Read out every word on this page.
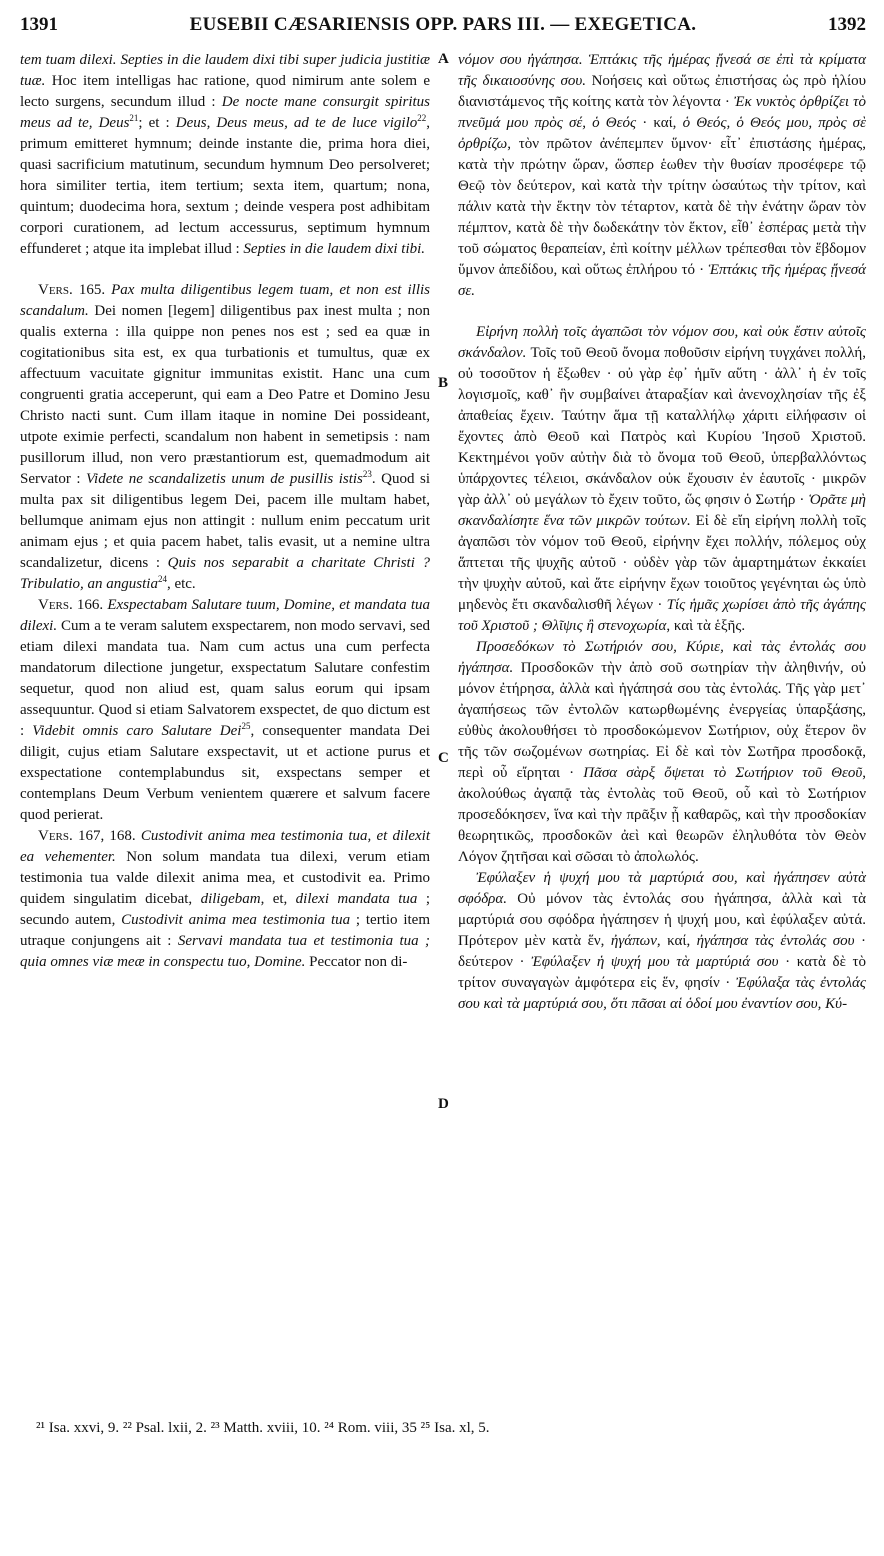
1391	EUSEBII CÆSARIENSIS OPP. PARS III. — EXEGETICA.	1392

tem tuam dilexi. Septies in die laudem dixi tibi super judicia justitiæ tuæ. Hoc item intelligas hac ratione, quod nimirum ante solem e lecto surgens, secundum illud : De nocte mane consurgit spiritus meus ad te, Deus$^{21}$; et : Deus, Deus meus, ad te de luce vigilo$^{22}$, primum emitteret hymnum; deinde instante die, prima hora diei, quasi sacrificium matutinum, secundum hymnum Deo persolveret; hora similiter tertia, item tertium; sexta item, quartum; nona, quintum; duodecima hora, sextum ; deinde vespera post adhibitam corpori curationem, ad lectum accessurus, septimum hymnum effunderet ; atque ita implebat illud : Septies in die laudem dixi tibi.

Vers. 165. Pax multa diligentibus legem tuam, et non est illis scandalum. Dei nomen [legem] diligentibus pax inest multa ; non qualis externa : illa quippe non penes nos est ; sed ea quæ in cogitationibus sita est, ex qua turbationis et tumultus, quæ ex affectuum vacuitate gignitur immunitas existit. Hanc una cum congruenti gratia acceperunt, qui eam a Deo Patre et Domino Jesu Christo nacti sunt. Cum illam itaque in nomine Dei possideant, utpote eximie perfecti, scandalum non habent in semetipsis : nam pusillorum illud, non vero præstantiorum est, quemadmodum ait Servator : Videte ne scandalizetis unum de pusillis istis$^{23}$. Quod si multa pax sit diligentibus legem Dei, pacem ille multam habet, bellumque animam ejus non attingit : nullum enim peccatum urit animam ejus ; et quia pacem habet, talis evasit, ut a nemine ultra scandalizetur, dicens : Quis nos separabit a charitate Christi ? Tribulatio, an angustia$^{24}$, etc.

Vers. 166. Exspectabam Salutare tuum, Domine, et mandata tua dilexi. Cum a te veram salutem exspectarem, non modo servavi, sed etiam dilexi mandata tua. Nam cum actus una cum perfecta mandatorum dilectione jungetur, exspectatum Salutare confestim sequetur, quod non aliud est, quam salus eorum qui ipsam assequuntur. Quod si etiam Salvatorem exspectet, de quo dictum est : Videbit omnis caro Salutare Dei$^{25}$, consequenter mandata Dei diligit, cujus etiam Salutare exspectavit, ut et actione purus et exspectatione contemplabundus sit, exspectans semper et contemplans Deum Verbum venientem quærere et salvum facere quod perierat.

Vers. 167, 168. Custodivit anima mea testimonia tua, et dilexit ea vehementer. Non solum mandata tua dilexi, verum etiam testimonia tua valde dilexit anima mea, et custodivit ea. Primo quidem singulatim dicebat, diligebam, et, dilexi mandata tua ; secundo autem, Custodivit anima mea testimonia tua ; tertio item utraque conjungens ait : Servavi mandata tua et testimonia tua ; quia omnes viæ meæ in conspectu tuo, Domine. Peccator non di-

A
B
C
D

νόμον σου ἠγάπησα. Ἑπτάκις τῆς ἡμέρας ᾔνεσά σε ἐπὶ τὰ κρίματα τῆς δικαιοσύνης σου. Νοήσεις καὶ οὕτως ἐπιστήσας ὡς πρὸ ἡλίου διανιστάμενος τῆς κοίτης κατὰ τὸν λέγοντα · Ἐκ νυκτὸς ὀρθρίζει τὸ πνεῦμά μου πρὸς σέ, ὁ Θεός · καί, ὁ Θεός, ὁ Θεός μου, πρὸς σὲ ὀρθρίζω, τὸν πρῶτον ἀνέπεμπεν ὕμνον· εἶτ᾽ ἐπιστάσης ἡμέρας, κατὰ τὴν πρώτην ὥραν, ὥσπερ ἑωθεν τὴν θυσίαν προσέφερε τῷ Θεῷ τὸν δεύτερον, καὶ κατὰ τὴν τρίτην ὡσαύτως τὴν τρίτον, καὶ πάλιν κατὰ τὴν ἕκτην τὸν τέταρτον, κατὰ δὲ τὴν ἐνάτην ὥραν τὸν πέμπτον, κατὰ δὲ τὴν δωδεκάτην τὸν ἕκτον, εἶθ᾽ ἑσπέρας μετὰ τὴν τοῦ σώματος θεραπείαν, ἐπὶ κοίτην μέλλων τρέπεσθαι τὸν ἕβδομον ὕμνον ἀπεδίδου, καὶ οὕτως ἐπλήρου τό · Ἑπτάκις τῆς ἡμέρας ᾔνεσά σε.

Εἰρήνη πολλὴ τοῖς ἀγαπῶσι τὸν νόμον σου, καὶ οὐκ ἔστιν αὐτοῖς σκάνδαλον. Τοῖς τοῦ Θεοῦ ὄνομα ποθοῦσιν εἰρήνη τυγχάνει πολλή, οὐ τοσοῦτον ἡ ἔξωθεν · οὐ γὰρ ἐφ᾽ ἡμῖν αὕτη · ἀλλ᾽ ἡ ἐν τοῖς λογισμοῖς, καθ᾽ ἣν συμβαίνει ἀταραξίαν καὶ ἀνενοχλησίαν τῆς ἐξ ἀπαθείας ἔχειν. Ταύτην ἅμα τῇ καταλλήλῳ χάριτι εἰλήφασιν οἱ ἔχοντες ἀπὸ Θεοῦ καὶ Πατρὸς καὶ Κυρίου Ἰησοῦ Χριστοῦ. Κεκτημένοι γοῦν αὐτὴν διὰ τὸ ὄνομα τοῦ Θεοῦ, ὑπερβαλλόντως ὑπάρχοντες τέλειοι, σκάνδαλον οὐκ ἔχουσιν ἐν ἑαυτοῖς · μικρῶν γὰρ ἀλλ᾽ οὐ μεγάλων τὸ ἔχειν τοῦτο, ὥς φησιν ὁ Σωτήρ · Ὁρᾶτε μὴ σκανδαλίσητε ἕνα τῶν μικρῶν τούτων. Εἰ δὲ εἴη εἰρήνη πολλὴ τοῖς ἀγαπῶσι τὸν νόμον τοῦ Θεοῦ, εἰρήνην ἔχει πολλήν, πόλεμος οὐχ ἅπτεται τῆς ψυχῆς αὐτοῦ · οὐδὲν γὰρ τῶν ἁμαρτημάτων ἐκκαίει τὴν ψυχὴν αὐτοῦ, καὶ ἅτε εἰρήνην ἔχων τοιοῦτος γεγένηται ὡς ὑπὸ μηδενὸς ἔτι σκανδαλισθῆ λέγων · Τίς ἡμᾶς χωρίσει ἀπὸ τῆς ἀγάπης τοῦ Χριστοῦ ; Θλῖψις ἢ στενοχωρία, καὶ τὰ ἑξῆς.

Προσεδόκων τὸ Σωτήριόν σου, Κύριε, καὶ τὰς ἐντολάς σου ἠγάπησα. Προσδοκῶν τὴν ἀπὸ σοῦ σωτηρίαν τὴν ἀληθινήν, οὐ μόνον ἐτήρησα, ἀλλὰ καὶ ἠγάπησά σου τὰς ἐντολάς. Τῆς γὰρ μετ᾽ ἀγαπήσεως τῶν ἐντολῶν κατωρθωμένης ἐνεργείας ὑπαρξάσης, εὐθὺς ἀκολουθήσει τὸ προσδοκώμενον Σωτήριον, οὐχ ἕτερον ὂν τῆς τῶν σωζομένων σωτηρίας. Εἰ δὲ καὶ τὸν Σωτῆρα προσδοκᾷ, περὶ οὗ εἴρηται · Πᾶσα σὰρξ ὄψεται τὸ Σωτήριον τοῦ Θεοῦ, ἀκολούθως ἀγαπᾷ τὰς ἐντολὰς τοῦ Θεοῦ, οὗ καὶ τὸ Σωτήριον προσεδόκησεν, ἵνα καὶ τὴν πρᾶξιν ᾖ καθαρῶς, καὶ τὴν προσδοκίαν θεωρητικῶς, προσδοκῶν ἀεὶ καὶ θεωρῶν ἐληλυθότα τὸν Θεὸν Λόγον ζητῆσαι καὶ σῶσαι τὸ ἀπολωλός.

Ἐφύλαξεν ἡ ψυχή μου τὰ μαρτύριά σου, καὶ ἠγάπησεν αὐτὰ σφόδρα. Οὐ μόνον τὰς ἐντολάς σου ἠγάπησα, ἀλλὰ καὶ τὰ μαρτύριά σου σφόδρα ἠγάπησεν ἡ ψυχή μου, καὶ ἐφύλαξεν αὐτά. Πρότερον μὲν κατὰ ἕν, ἠγάπων, καί, ἠγάπησα τὰς ἐντολάς σου · δεύτερον · Ἐφύλαξεν ἡ ψυχή μου τὰ μαρτύριά σου · κατὰ δὲ τὸ τρίτον συναγαγὼν ἀμφότερα εἰς ἕν, φησίν · Ἐφύλαξα τὰς ἐντολάς σου καὶ τὰ μαρτύριά σου, ὅτι πᾶσαι αἱ ὁδοί μου ἐναντίον σου, Κύ-

²¹ Isa. xxvi, 9. ²² Psal. lxii, 2. ²³ Matth. xviii, 10. ²⁴ Rom. viii, 35 ²⁵ Isa. xl, 5.
